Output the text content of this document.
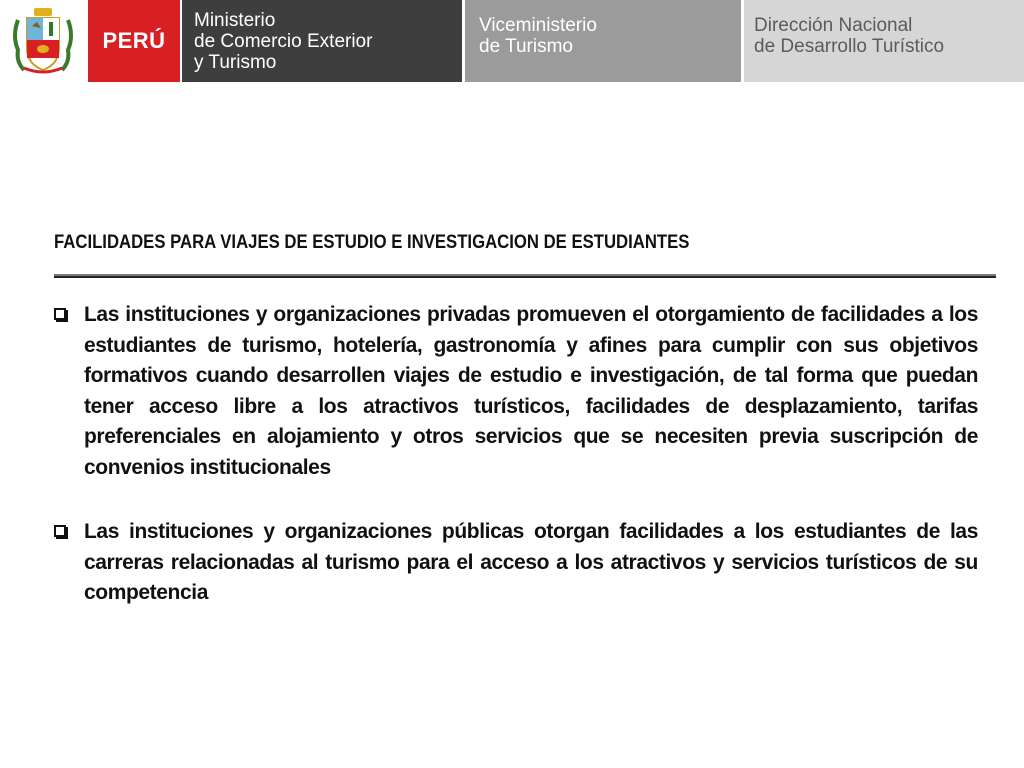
PERÚ
Ministerio
de Comercio Exterior
y Turismo
Viceministerio
de Turismo
Dirección Nacional
de Desarrollo Turístico
FACILIDADES PARA VIAJES DE ESTUDIO E INVESTIGACION DE ESTUDIANTES
Las instituciones y organizaciones privadas promueven el otorgamiento de facilidades a los estudiantes de turismo, hotelería, gastronomía y afines para cumplir con sus objetivos formativos cuando desarrollen viajes de estudio e investigación, de tal forma que puedan tener acceso libre a los atractivos turísticos, facilidades de desplazamiento, tarifas preferenciales en alojamiento y otros servicios que se necesiten previa suscripción de convenios institucionales
Las instituciones y organizaciones públicas otorgan facilidades a los estudiantes de las carreras relacionadas al turismo para el acceso a los atractivos y servicios turísticos de su competencia
